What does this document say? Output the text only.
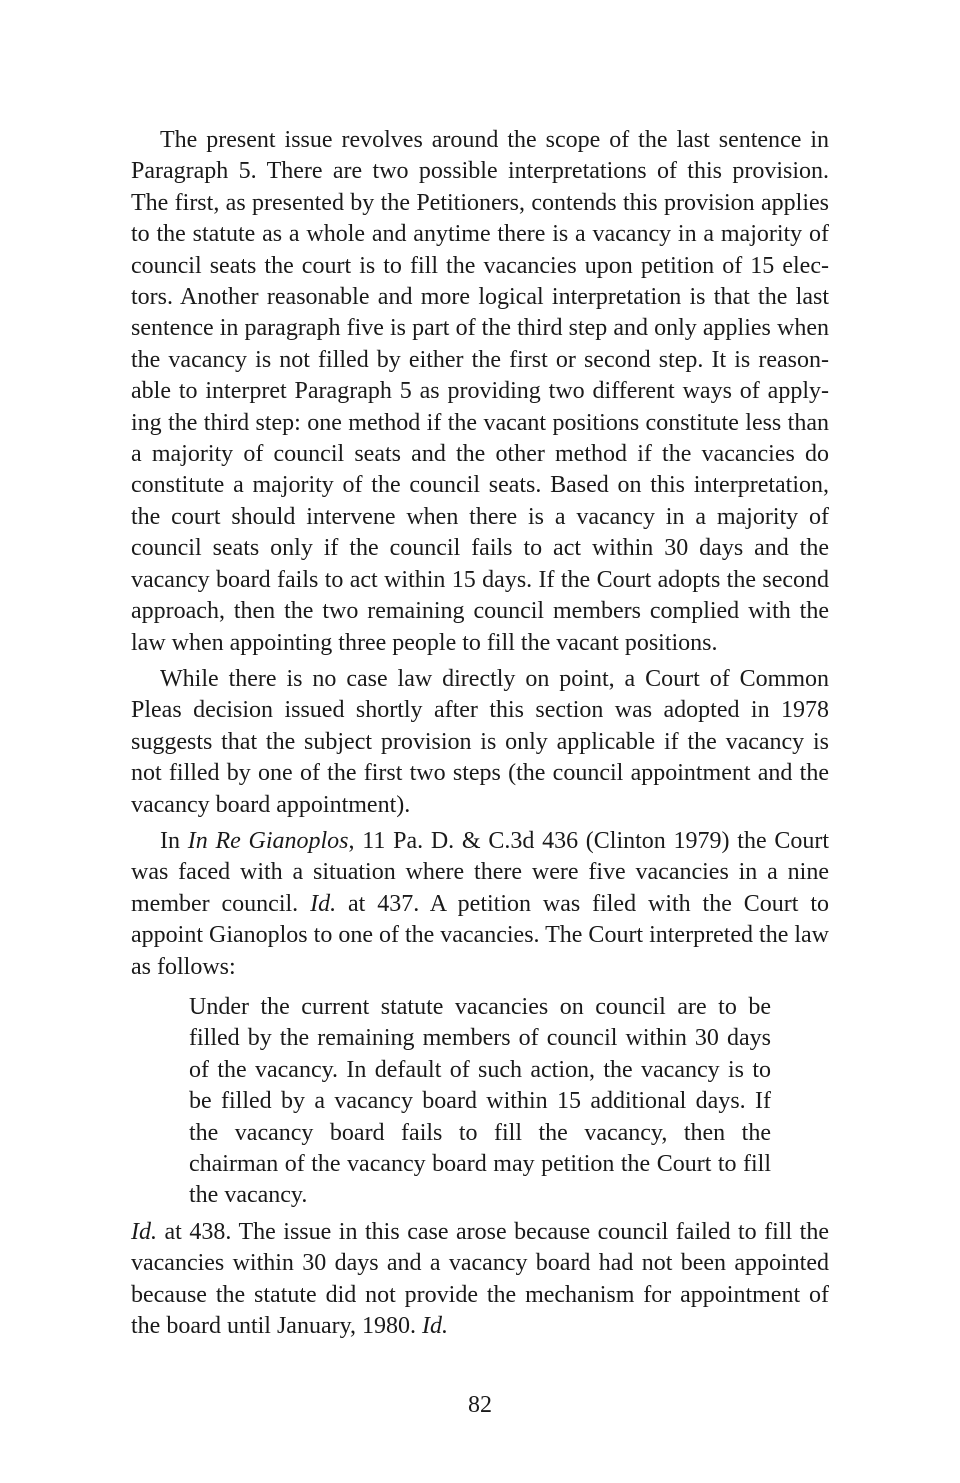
The present issue revolves around the scope of the last sentence in Paragraph 5. There are two possible interpretations of this provision. The first, as presented by the Petitioners, contends this provision applies to the statute as a whole and anytime there is a vacancy in a majority of council seats the court is to fill the vacancies upon petition of 15 electors. Another reasonable and more logical interpretation is that the last sentence in paragraph five is part of the third step and only applies when the vacancy is not filled by either the first or second step. It is reasonable to interpret Paragraph 5 as providing two different ways of applying the third step: one method if the vacant positions constitute less than a majority of council seats and the other method if the vacancies do constitute a majority of the council seats. Based on this interpretation, the court should intervene when there is a vacancy in a majority of council seats only if the council fails to act within 30 days and the vacancy board fails to act within 15 days. If the Court adopts the second approach, then the two remaining council members complied with the law when appointing three people to fill the vacant positions.

While there is no case law directly on point, a Court of Common Pleas decision issued shortly after this section was adopted in 1978 suggests that the subject provision is only applicable if the vacancy is not filled by one of the first two steps (the council appointment and the vacancy board appointment).

In In Re Gianoplos, 11 Pa. D. & C.3d 436 (Clinton 1979) the Court was faced with a situation where there were five vacancies in a nine member council. Id. at 437. A petition was filed with the Court to appoint Gianoplos to one of the vacancies. The Court interpreted the law as follows:

Under the current statute vacancies on council are to be filled by the remaining members of council within 30 days of the vacancy. In default of such action, the vacancy is to be filled by a vacancy board within 15 additional days. If the vacancy board fails to fill the vacancy, then the chairman of the vacancy board may petition the Court to fill the vacancy.

Id. at 438. The issue in this case arose because council failed to fill the vacancies within 30 days and a vacancy board had not been appointed because the statute did not provide the mechanism for appointment of the board until January, 1980. Id.

82
